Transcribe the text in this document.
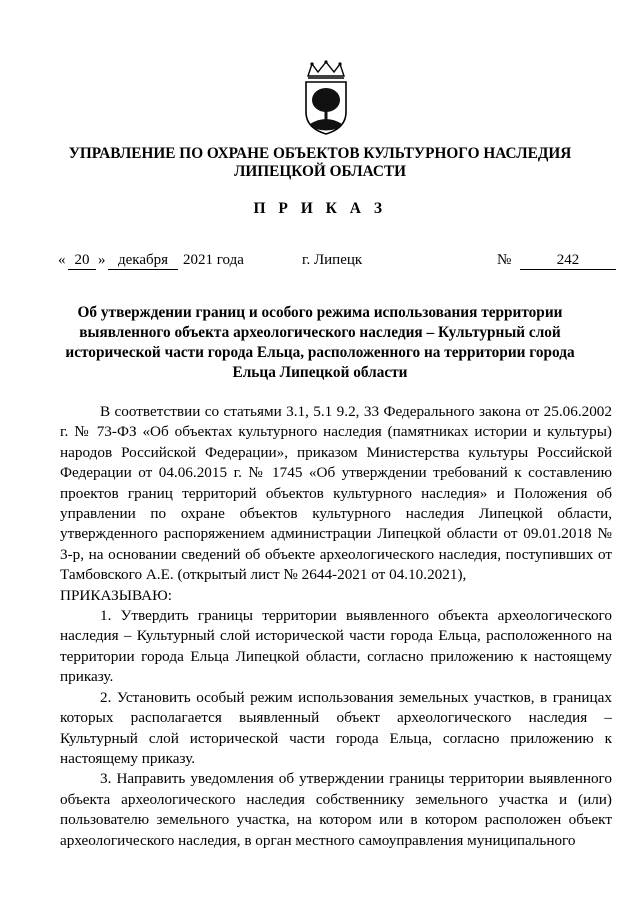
УПРАВЛЕНИЕ ПО ОХРАНЕ ОБЪЕКТОВ КУЛЬТУРНОГО НАСЛЕДИЯ
ЛИПЕЦКОЙ ОБЛАСТИ
П Р И К А З
« 20 » декабря 2021 года	г. Липецк	№	242
Об утверждении границ и особого режима использования территории
выявленного объекта археологического наследия – Культурный слой
исторической части города Ельца, расположенного на территории города
Ельца Липецкой области

В соответствии со статьями 3.1, 5.1 9.2, 33 Федерального закона от 25.06.2002 г. № 73-ФЗ «Об объектах культурного наследия (памятниках истории и культуры) народов Российской Федерации», приказом Министерства культуры Российской Федерации от 04.06.2015 г. № 1745 «Об утверждении требований к составлению проектов границ территорий объектов культурного наследия» и Положения об управлении по охране объектов культурного наследия Липецкой области, утвержденного распоряжением администрации Липецкой области от 09.01.2018 № 3-р, на основании сведений об объекте археологического наследия, поступивших от Тамбовского А.Е. (открытый лист № 2644-2021 от 04.10.2021),

ПРИКАЗЫВАЮ:

1. Утвердить границы территории выявленного объекта археологического наследия – Культурный слой исторической части города Ельца, расположенного на территории города Ельца Липецкой области, согласно приложению к настоящему приказу.

2. Установить особый режим использования земельных участков, в границах которых располагается выявленный объект археологического наследия – Культурный слой исторической части города Ельца, согласно приложению к настоящему приказу.

3. Направить уведомления об утверждении границы территории выявленного объекта археологического наследия собственнику земельного участка и (или) пользователю земельного участка, на котором или в котором расположен объект археологического наследия, в орган местного самоуправления муниципального
